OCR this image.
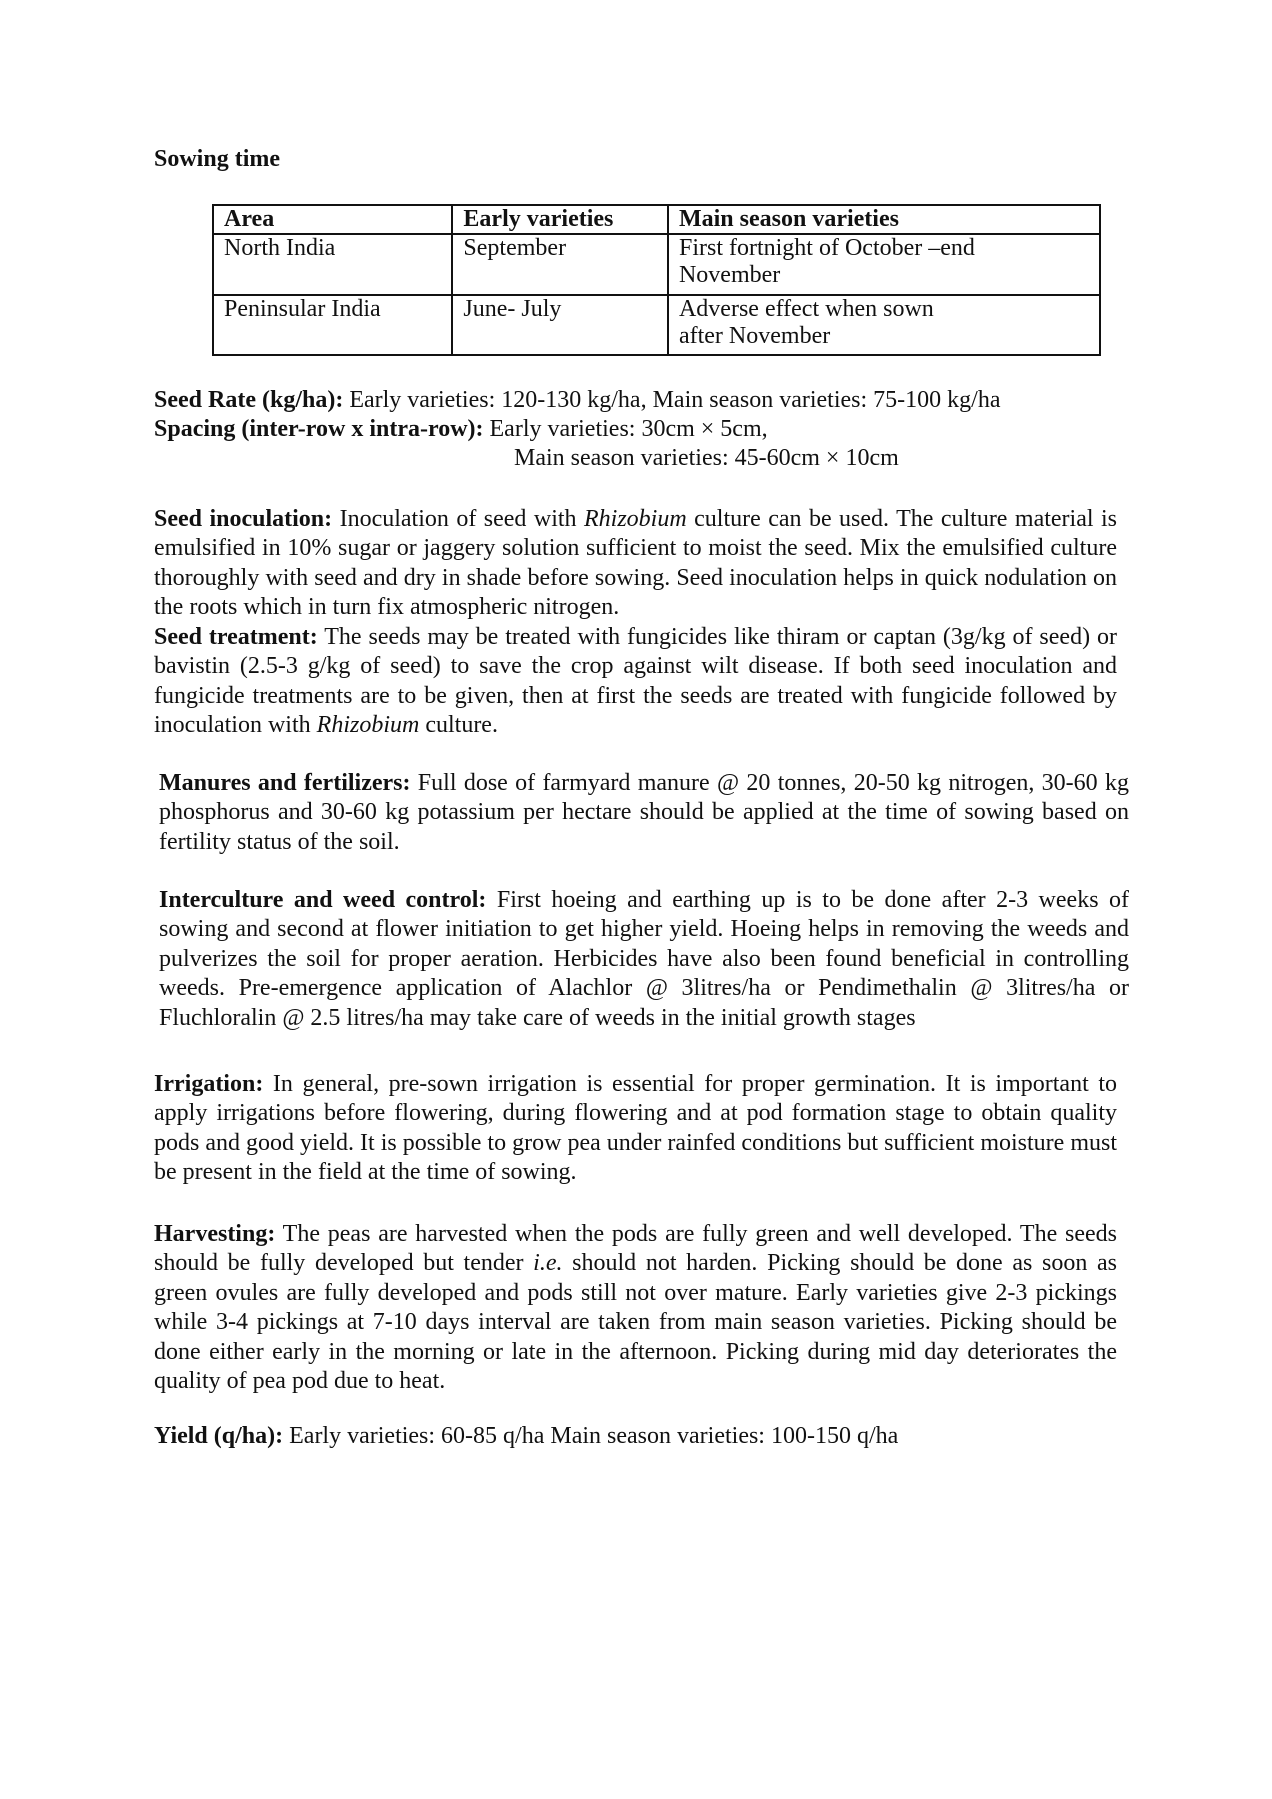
Sowing time
Area	Early varieties	Main season varieties
North India	September	First fortnight of October –end November
Peninsular India	June- July	Adverse effect when sown after November
Seed Rate (kg/ha): Early varieties: 120-130 kg/ha, Main season varieties: 75-100 kg/ha
Spacing (inter-row x intra-row): Early varieties: 30cm × 5cm,
Main season varieties: 45-60cm × 10cm
Seed inoculation: Inoculation of seed with Rhizobium culture can be used. The culture material is emulsified in 10% sugar or jaggery solution sufficient to moist the seed. Mix the emulsified culture thoroughly with seed and dry in shade before sowing. Seed inoculation helps in quick nodulation on the roots which in turn fix atmospheric nitrogen.
Seed treatment: The seeds may be treated with fungicides like thiram or captan (3g/kg of seed) or bavistin (2.5-3 g/kg of seed) to save the crop against wilt disease. If both seed inoculation and fungicide treatments are to be given, then at first the seeds are treated with fungicide followed by inoculation with Rhizobium culture.
Manures and fertilizers: Full dose of farmyard manure @ 20 tonnes, 20-50 kg nitrogen, 30-60 kg phosphorus and 30-60 kg potassium per hectare should be applied at the time of sowing based on fertility status of the soil.
Interculture and weed control: First hoeing and earthing up is to be done after 2-3 weeks of sowing and second at flower initiation to get higher yield. Hoeing helps in removing the weeds and pulverizes the soil for proper aeration. Herbicides have also been found beneficial in controlling weeds. Pre-emergence application of Alachlor @ 3litres/ha or Pendimethalin @ 3litres/ha or Fluchloralin @ 2.5 litres/ha may take care of weeds in the initial growth stages
Irrigation: In general, pre-sown irrigation is essential for proper germination. It is important to apply irrigations before flowering, during flowering and at pod formation stage to obtain quality pods and good yield. It is possible to grow pea under rainfed conditions but sufficient moisture must be present in the field at the time of sowing.
Harvesting: The peas are harvested when the pods are fully green and well developed. The seeds should be fully developed but tender i.e. should not harden. Picking should be done as soon as green ovules are fully developed and pods still not over mature. Early varieties give 2-3 pickings while 3-4 pickings at 7-10 days interval are taken from main season varieties. Picking should be done either early in the morning or late in the afternoon. Picking during mid day deteriorates the quality of pea pod due to heat.
Yield (q/ha): Early varieties: 60-85 q/ha Main season varieties: 100-150 q/ha
